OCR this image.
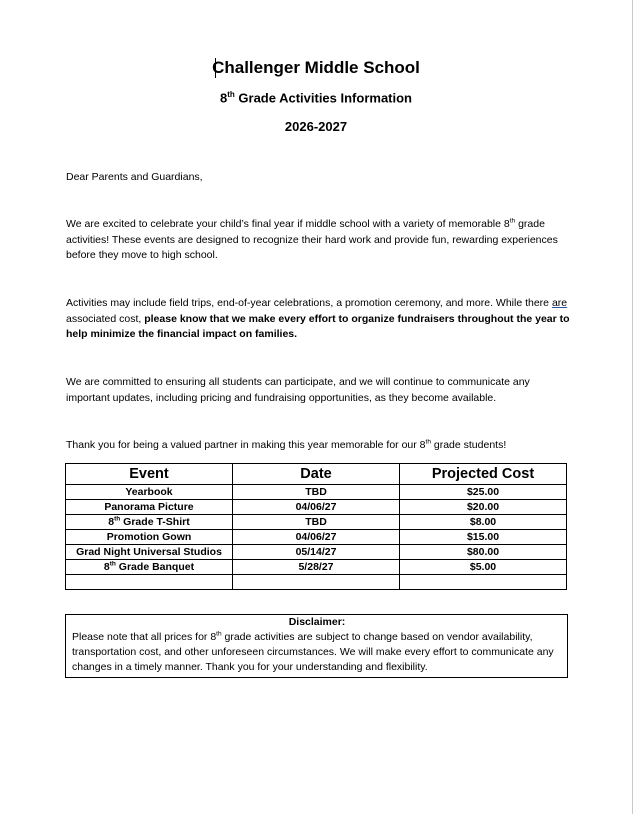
Challenger Middle School
8th Grade Activities Information
2026-2027
Dear Parents and Guardians,
We are excited to celebrate your child’s final year if middle school with a variety of memorable 8th grade activities! These events are designed to recognize their hard work and provide fun, rewarding experiences before they move to high school.
Activities may include field trips, end-of-year celebrations, a promotion ceremony, and more. While there are associated cost, please know that we make every effort to organize fundraisers throughout the year to help minimize the financial impact on families.
We are committed to ensuring all students can participate, and we will continue to communicate any important updates, including pricing and fundraising opportunities, as they become available.
Thank you for being a valued partner in making this year memorable for our 8th grade students!
Event	Date	Projected Cost
Yearbook	TBD	$25.00
Panorama Picture	04/06/27	$20.00
8th Grade T-Shirt	TBD	$8.00
Promotion Gown	04/06/27	$15.00
Grad Night Universal Studios	05/14/27	$80.00
8th Grade Banquet	5/28/27	$5.00

Disclaimer:
Please note that all prices for 8th grade activities are subject to change based on vendor availability, transportation cost, and other unforeseen circumstances. We will make every effort to communicate any changes in a timely manner. Thank you for your understanding and flexibility.
